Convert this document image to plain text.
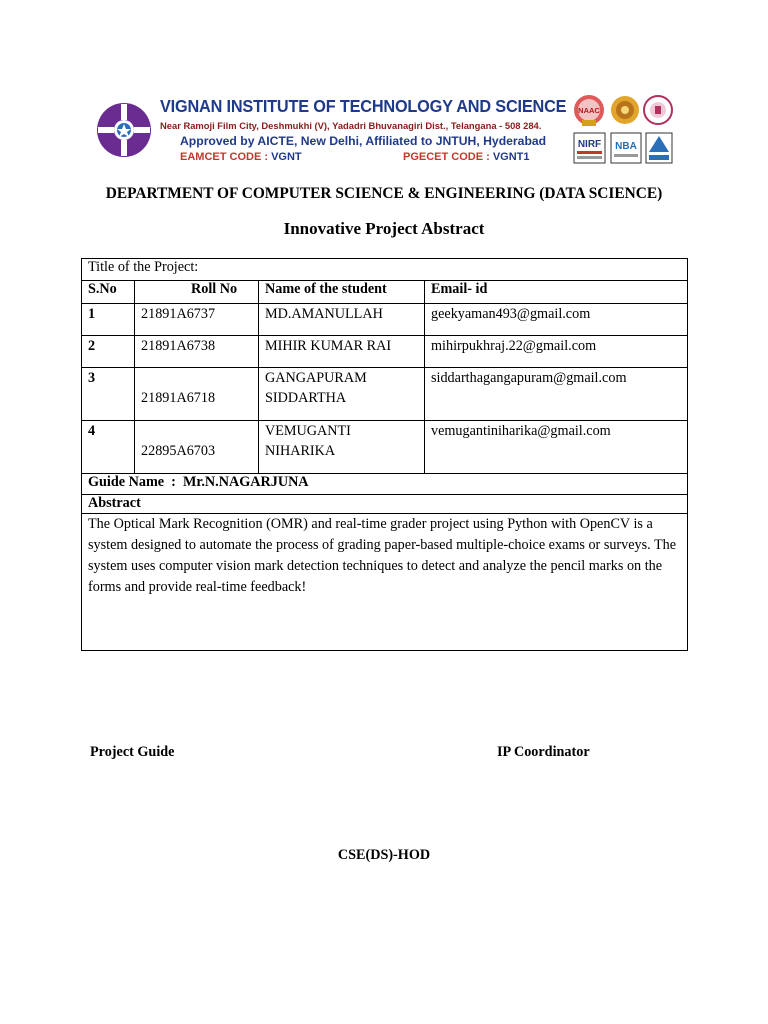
VIGNAN INSTITUTE OF TECHNOLOGY AND SCIENCE
Near Ramoji Film City, Deshmukhi (V), Yadadri Bhuvanagiri Dist., Telangana - 508 284.
Approved by AICTE, New Delhi, Affiliated to JNTUH, Hyderabad
EAMCET CODE : VGNT	PGECET CODE : VGNT1
NAAC
NIRF NBA
DEPARTMENT OF COMPUTER SCIENCE & ENGINEERING (DATA SCIENCE)
Innovative Project Abstract
Title of the Project:			
S.No	Roll No	Name of the student	Email- id
1	21891A6737	MD.AMANULLAH	geekyaman493@gmail.com
2	21891A6738	MIHIR KUMAR RAI	mihirpukhraj.22@gmail.com
3	21891A6718	GANGAPURAM
SIDDARTHA	siddarthagangapuram@gmail.com
4	22895A6703	VEMUGANTI
NIHARIKA	vemugantiniharika@gmail.com
Guide Name  :  Mr.N.NAGARJUNA			
Abstract			
The Optical Mark Recognition (OMR) and real-time grader project using Python with OpenCV is a system designed to automate the process of grading paper-based multiple-choice exams or surveys. The system uses computer vision mark detection techniques to detect and analyze the pencil marks on the forms and provide real-time feedback!			
Project Guide	IP Coordinator
CSE(DS)-HOD
